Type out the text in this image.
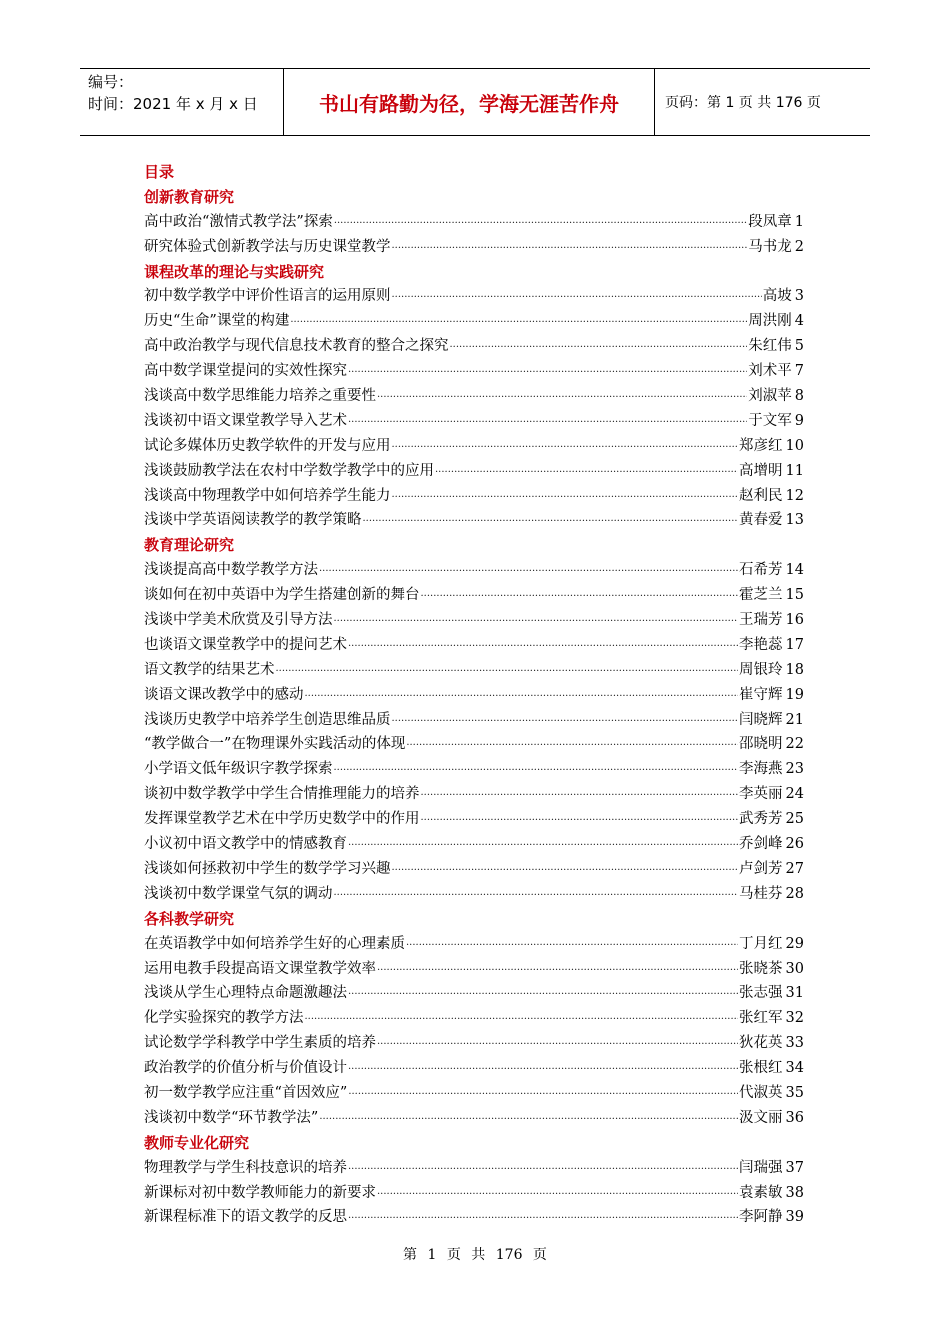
编号：
时间：2021 年 x 月 x 日	书山有路勤为径，学海无涯苦作舟	页码：第 1 页 共 176 页
目录
创新教育研究
高中政治“激情式教学法”探索 ·····	段凤章 1
研究体验式创新教学法与历史课堂教学 ·····	马书龙 2
课程改革的理论与实践研究
初中数学教学中评价性语言的运用原则 ·····	高坡 3
历史“生命”课堂的构建 ·····	周洪刚 4
高中政治教学与现代信息技术教育的整合之探究 ·····	朱红伟 5
高中数学课堂提问的实效性探究 ·····	刘术平 7
浅谈高中数学思维能力培养之重要性 ·····	刘淑苹 8
浅谈初中语文课堂教学导入艺术 ·····	于文军 9
试论多媒体历史教学软件的开发与应用 ·····	郑彦红 10
浅谈鼓励教学法在农村中学数学教学中的应用 ·····	高增明 11
浅谈高中物理教学中如何培养学生能力 ·····	赵利民 12
浅谈中学英语阅读教学的教学策略 ·····	黄春爱 13
教育理论研究
浅谈提高高中数学教学方法 ·····	石希芳 14
谈如何在初中英语中为学生搭建创新的舞台 ·····	霍芝兰 15
浅谈中学美术欣赏及引导方法 ·····	王瑞芳 16
也谈语文课堂教学中的提问艺术 ·····	李艳蕊 17
语文教学的结果艺术 ·····	周银玲 18
谈语文课改教学中的感动 ·····	崔守辉 19
浅谈历史教学中培养学生创造思维品质 ·····	闫晓辉 21
“教学做合一”在物理课外实践活动的体现 ·····	邵晓明 22
小学语文低年级识字教学探索 ·····	李海燕 23
谈初中数学教学中学生合情推理能力的培养 ·····	李英丽 24
发挥课堂教学艺术在中学历史数学中的作用 ·····	武秀芳 25
小议初中语文教学中的情感教育 ·····	乔剑峰 26
浅谈如何拯救初中学生的数学学习兴趣 ·····	卢剑芳 27
浅谈初中数学课堂气氛的调动 ·····	马桂芬 28
各科教学研究
在英语教学中如何培养学生好的心理素质 ·····	丁月红 29
运用电教手段提高语文课堂教学效率 ·····	张晓茶 30
浅谈从学生心理特点命题激趣法 ·····	张志强 31
化学实验探究的教学方法 ·····	张红军 32
试论数学学科教学中学生素质的培养 ·····	狄花英 33
政治教学的价值分析与价值设计 ·····	张根红 34
初一数学教学应注重“首因效应” ·····	代淑英 35
浅谈初中数学“环节教学法” ·····	汲文丽 36
教师专业化研究
物理教学与学生科技意识的培养 ·····	闫瑞强 37
新课标对初中数学教师能力的新要求 ·····	袁素敏 38
新课程标准下的语文教学的反思 ·····	李阿静 39
第 1 页 共 176 页
